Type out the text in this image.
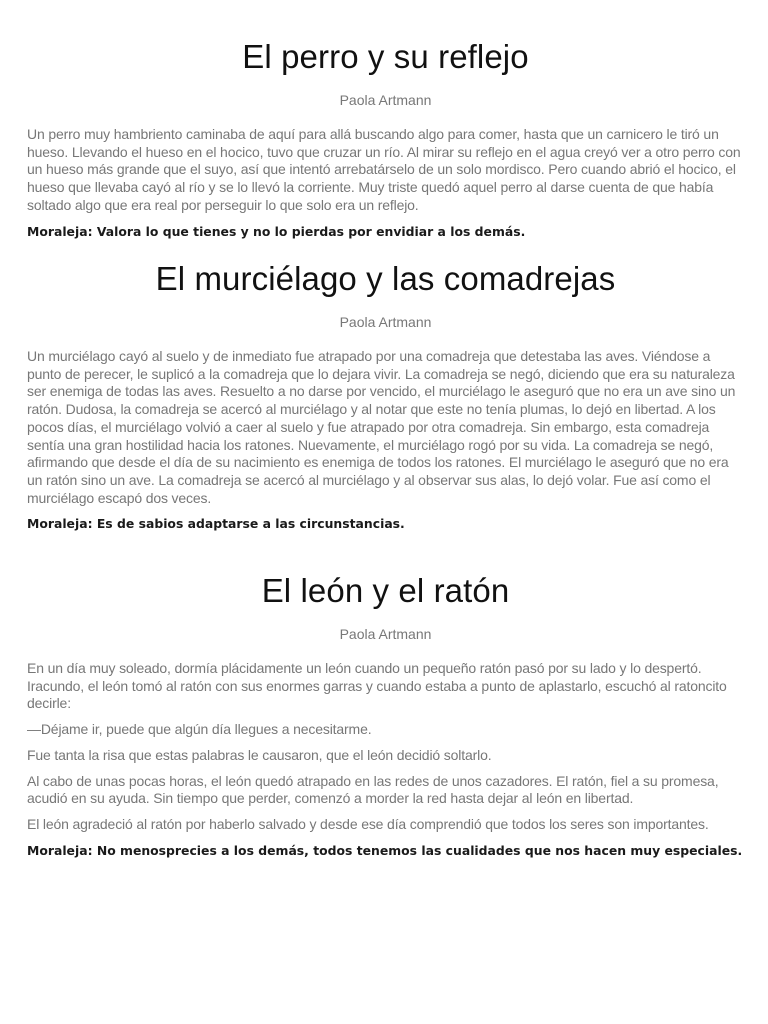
El perro y su reflejo

Paola Artmann

Un perro muy hambriento caminaba de aquí para allá buscando algo para comer, hasta que un carnicero le tiró un hueso. Llevando el hueso en el hocico, tuvo que cruzar un río. Al mirar su reflejo en el agua creyó ver a otro perro con un hueso más grande que el suyo, así que intentó arrebatárselo de un solo mordisco. Pero cuando abrió el hocico, el hueso que llevaba cayó al río y se lo llevó la corriente. Muy triste quedó aquel perro al darse cuenta de que había soltado algo que era real por perseguir lo que solo era un reflejo.

Moraleja: Valora lo que tienes y no lo pierdas por envidiar a los demás.

El murciélago y las comadrejas

Paola Artmann

Un murciélago cayó al suelo y de inmediato fue atrapado por una comadreja que detestaba las aves. Viéndose a punto de perecer, le suplicó a la comadreja que lo dejara vivir. La comadreja se negó, diciendo que era su naturaleza ser enemiga de todas las aves. Resuelto a no darse por vencido, el murciélago le aseguró que no era un ave sino un ratón. Dudosa, la comadreja se acercó al murciélago y al notar que este no tenía plumas, lo dejó en libertad. A los pocos días, el murciélago volvió a caer al suelo y fue atrapado por otra comadreja. Sin embargo, esta comadreja sentía una gran hostilidad hacia los ratones. Nuevamente, el murciélago rogó por su vida. La comadreja se negó, afirmando que desde el día de su nacimiento es enemiga de todos los ratones. El murciélago le aseguró que no era un ratón sino un ave. La comadreja se acercó al murciélago y al observar sus alas, lo dejó volar. Fue así como el murciélago escapó dos veces.

Moraleja: Es de sabios adaptarse a las circunstancias.

El león y el ratón

Paola Artmann

En un día muy soleado, dormía plácidamente un león cuando un pequeño ratón pasó por su lado y lo despertó. Iracundo, el león tomó al ratón con sus enormes garras y cuando estaba a punto de aplastarlo, escuchó al ratoncito decirle:

—Déjame ir, puede que algún día llegues a necesitarme.

Fue tanta la risa que estas palabras le causaron, que el león decidió soltarlo.

Al cabo de unas pocas horas, el león quedó atrapado en las redes de unos cazadores. El ratón, fiel a su promesa, acudió en su ayuda. Sin tiempo que perder, comenzó a morder la red hasta dejar al león en libertad.

El león agradeció al ratón por haberlo salvado y desde ese día comprendió que todos los seres son importantes.

Moraleja: No menosprecies a los demás, todos tenemos las cualidades que nos hacen muy especiales.
